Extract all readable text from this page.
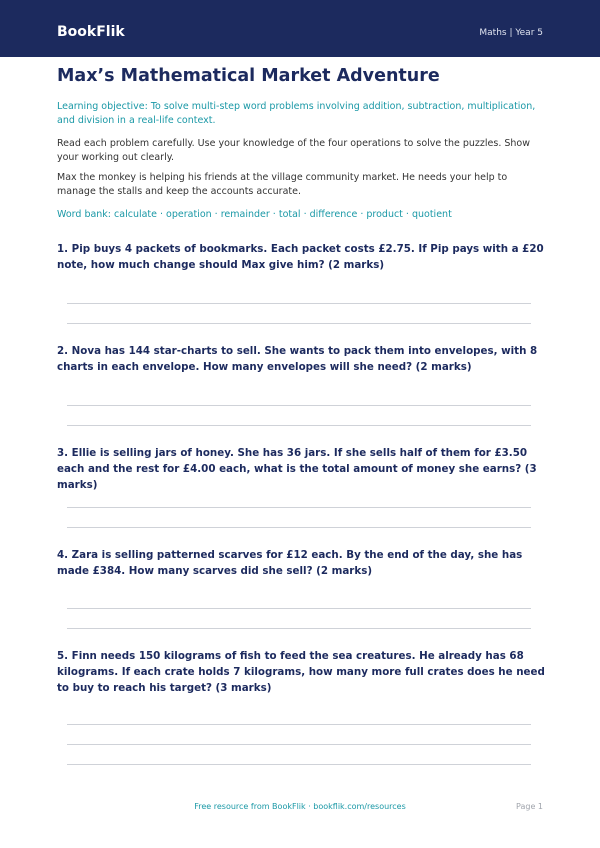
BookFlik	Maths | Year 5
Max’s Mathematical Market Adventure
Learning objective: To solve multi-step word problems involving addition, subtraction, multiplication, and division in a real-life context.
Read each problem carefully. Use your knowledge of the four operations to solve the puzzles. Show your working out clearly.
Max the monkey is helping his friends at the village community market. He needs your help to manage the stalls and keep the accounts accurate.
Word bank: calculate · operation · remainder · total · difference · product · quotient
1. Pip buys 4 packets of bookmarks. Each packet costs £2.75. If Pip pays with a £20 note, how much change should Max give him? (2 marks)
2. Nova has 144 star-charts to sell. She wants to pack them into envelopes, with 8 charts in each envelope. How many envelopes will she need? (2 marks)
3. Ellie is selling jars of honey. She has 36 jars. If she sells half of them for £3.50 each and the rest for £4.00 each, what is the total amount of money she earns? (3 marks)
4. Zara is selling patterned scarves for £12 each. By the end of the day, she has made £384. How many scarves did she sell? (2 marks)
5. Finn needs 150 kilograms of fish to feed the sea creatures. He already has 68 kilograms. If each crate holds 7 kilograms, how many more full crates does he need to buy to reach his target? (3 marks)
Free resource from BookFlik · bookflik.com/resources	Page 1
